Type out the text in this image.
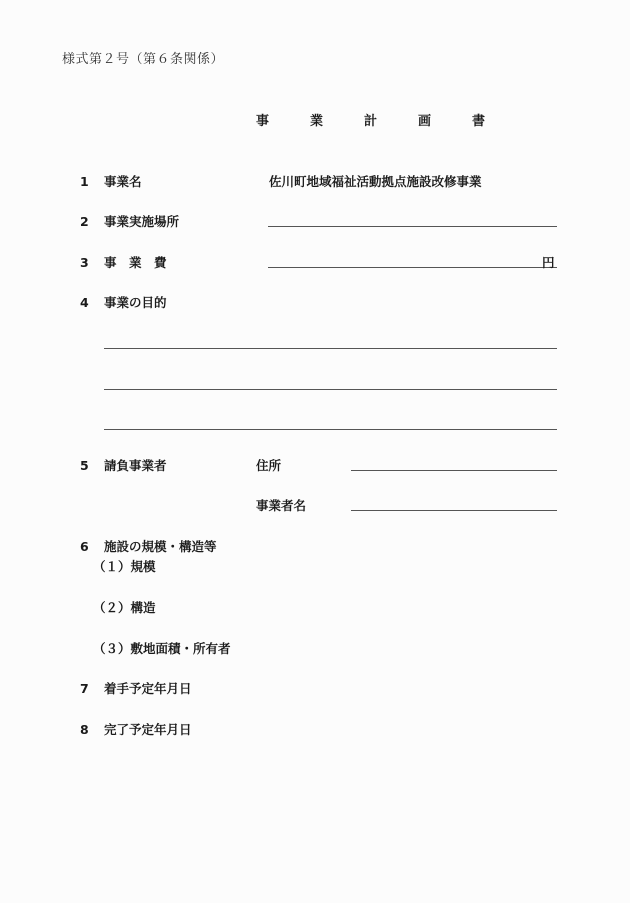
様式第２号（第６条関係）
事　業　計　画　書
1 事業名	佐川町地域福祉活動拠点施設改修事業
2 事業実施場所
3 事　業　費	円
4 事業の目的
5 請負事業者	住所
事業者名
6 施設の規模・構造等
（１）規模
（２）構造
（３）敷地面積・所有者
7 着手予定年月日
8 完了予定年月日
